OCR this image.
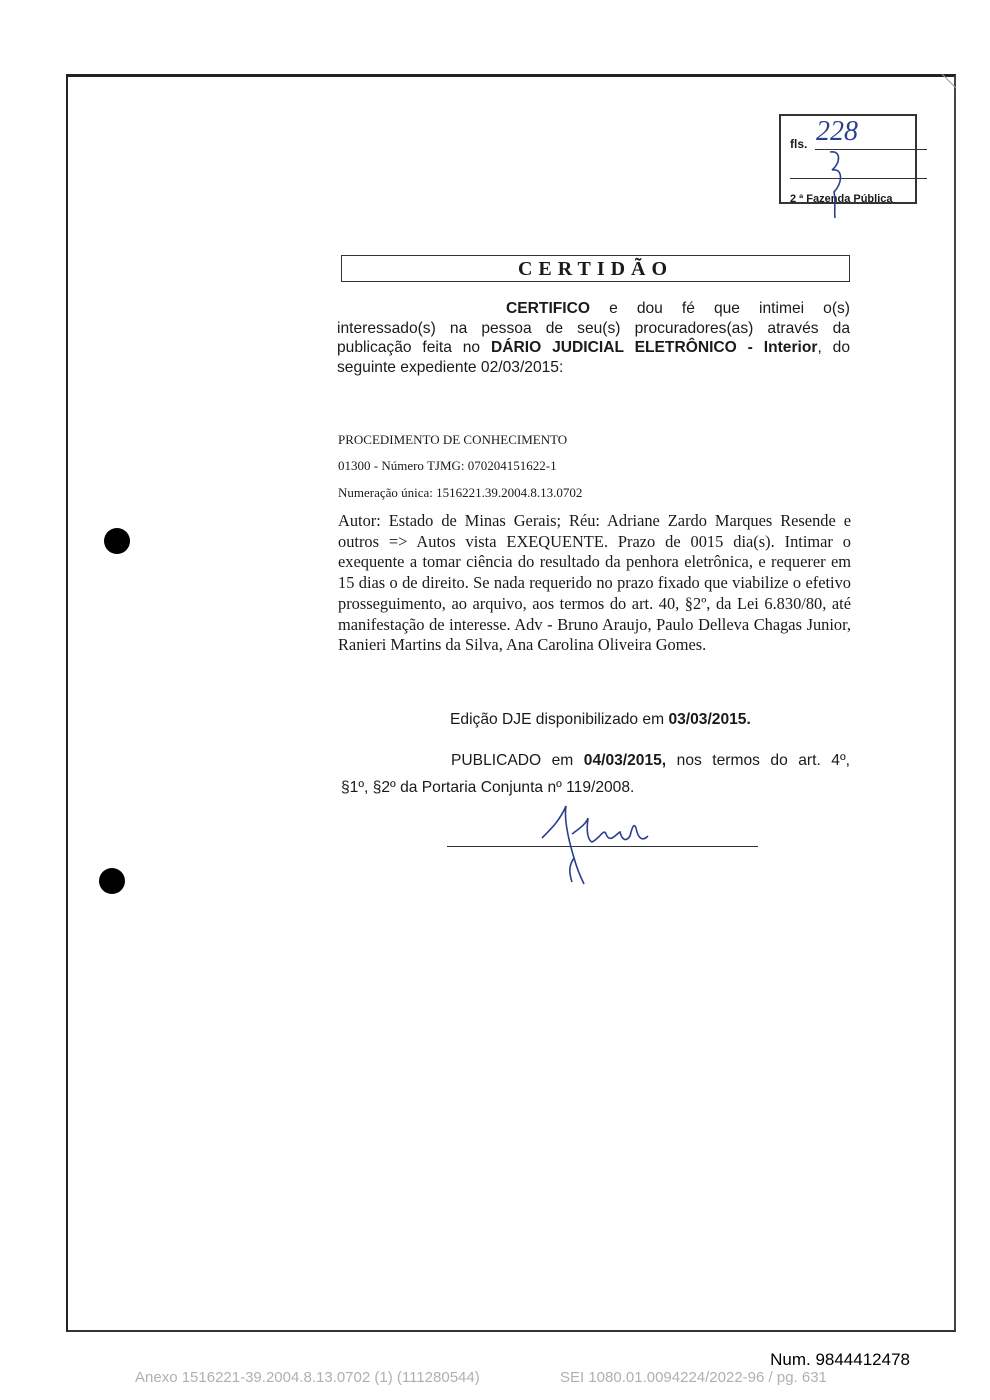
fls.
2 ª Fazenda Pública
228
CERTIDÃO
CERTIFICO e dou fé que intimei o(s) interessado(s) na pessoa de seu(s) procuradores(as) através da publicação feita no DÁRIO JUDICIAL ELETRÔNICO - Interior, do seguinte expediente 02/03/2015:
PROCEDIMENTO DE CONHECIMENTO
01300 - Número TJMG: 070204151622-1
Numeração única: 1516221.39.2004.8.13.0702
Autor: Estado de Minas Gerais; Réu: Adriane Zardo Marques Resende e outros => Autos vista EXEQUENTE. Prazo de 0015 dia(s). Intimar o exequente a tomar ciência do resultado da penhora eletrônica, e requerer em 15 dias o de direito. Se nada requerido no prazo fixado que viabilize o efetivo prosseguimento, ao arquivo, aos termos do art. 40, §2º, da Lei 6.830/80, até manifestação de interesse. Adv - Bruno Araujo, Paulo Delleva Chagas Junior, Ranieri Martins da Silva, Ana Carolina Oliveira Gomes.
Edição DJE disponibilizado em 03/03/2015.
PUBLICADO em 04/03/2015, nos termos do art. 4º,
§1º, §2º da Portaria Conjunta nº 119/2008.
Num. 9844412478
Anexo 1516221-39.2004.8.13.0702 (1) (111280544)	SEI 1080.01.0094224/2022-96 / pg. 631
